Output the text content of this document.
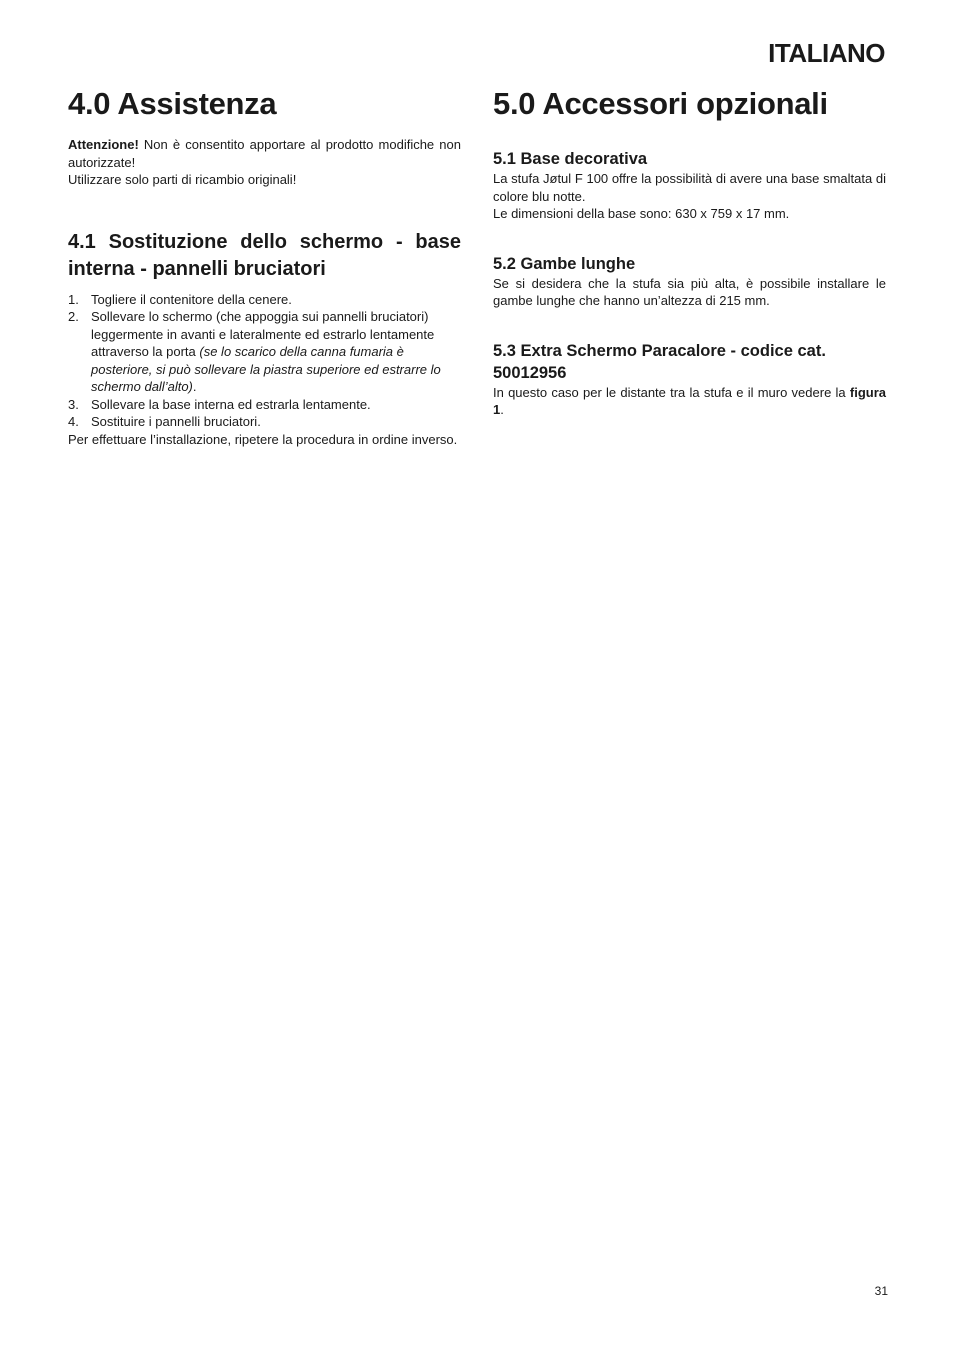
ITALIANO
4.0 Assistenza

Attenzione! Non è consentito apportare al prodotto modifiche non autorizzate!

Utilizzare solo parti di ricambio originali!

4.1 Sostituzione dello schermo - base interna - pannelli bruciatori
1. Togliere il contenitore della cenere.
2. Sollevare lo schermo (che appoggia sui pannelli bruciatori) leggermente in avanti e lateralmente ed estrarlo lentamente attraverso la porta (se lo scarico della canna fumaria è posteriore, si può sollevare la piastra superiore ed estrarre lo schermo dall’alto).
3. Sollevare la base interna ed estrarla lentamente.
4. Sostituire i pannelli bruciatori.

Per effettuare l’installazione, ripetere la procedura in ordine inverso.

5.0 Accessori opzionali
5.1 Base decorativa

La stufa Jøtul F 100 offre la possibilità di avere una base smaltata di colore blu notte.

Le dimensioni della base sono: 630 x 759 x 17 mm.

5.2 Gambe lunghe

Se si desidera che la stufa sia più alta, è possibile installare le gambe lunghe che hanno un’altezza di 215 mm.

5.3 Extra Schermo Paracalore - codice cat. 50012956

In questo caso per le distante tra la stufa e il muro vedere la figura 1.

31
